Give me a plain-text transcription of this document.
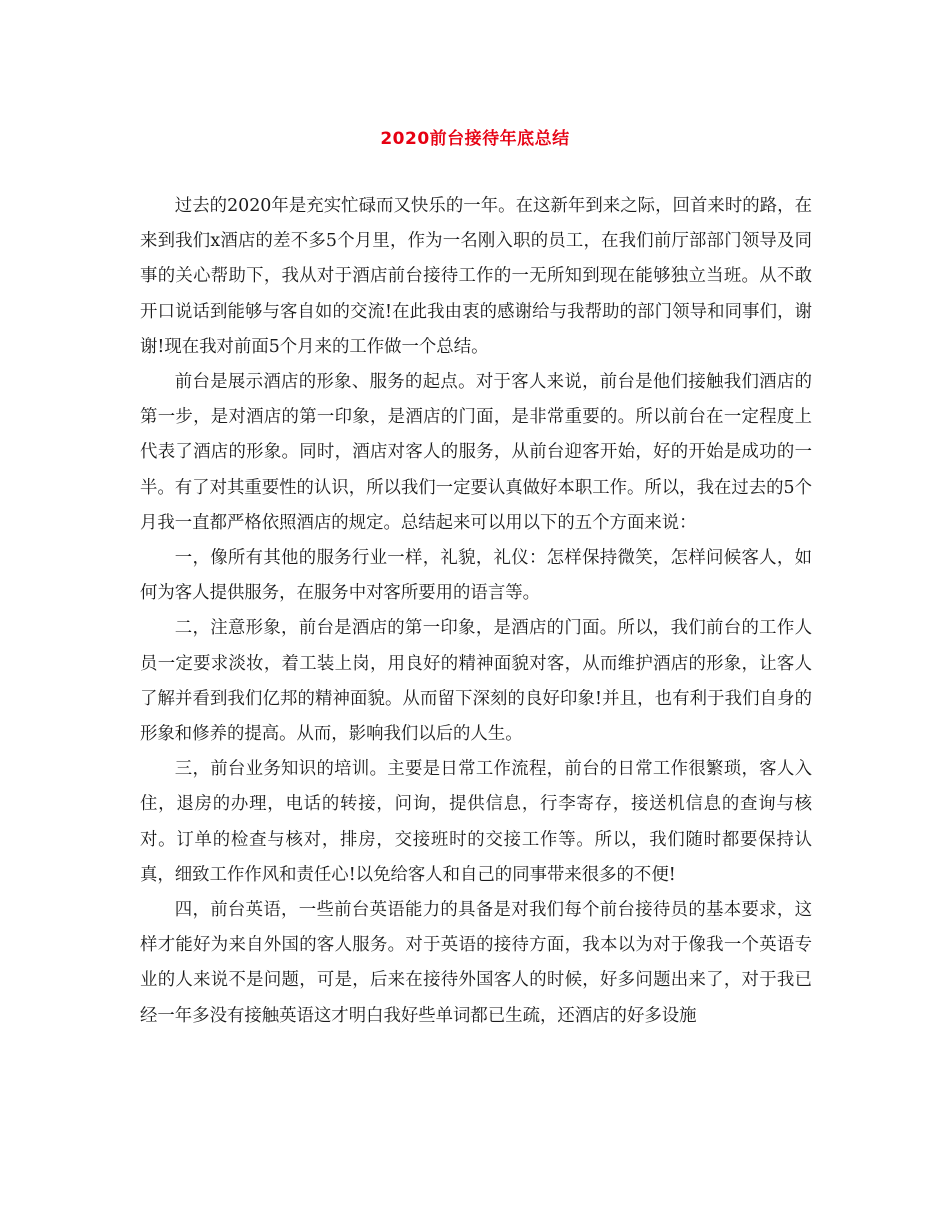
2020前台接待年底总结

过去的2020年是充实忙碌而又快乐的一年。在这新年到来之际，回首来时的路，在来到我们x酒店的差不多5个月里，作为一名刚入职的员工，在我们前厅部部门领导及同事的关心帮助下，我从对于酒店前台接待工作的一无所知到现在能够独立当班。从不敢开口说话到能够与客自如的交流!在此我由衷的感谢给与我帮助的部门领导和同事们，谢谢!现在我对前面5个月来的工作做一个总结。

前台是展示酒店的形象、服务的起点。对于客人来说，前台是他们接触我们酒店的第一步，是对酒店的第一印象，是酒店的门面，是非常重要的。所以前台在一定程度上代表了酒店的形象。同时，酒店对客人的服务，从前台迎客开始，好的开始是成功的一半。有了对其重要性的认识，所以我们一定要认真做好本职工作。所以，我在过去的5个月我一直都严格依照酒店的规定。总结起来可以用以下的五个方面来说：

一，像所有其他的服务行业一样，礼貌，礼仪：怎样保持微笑，怎样问候客人，如何为客人提供服务，在服务中对客所要用的语言等。

二，注意形象，前台是酒店的第一印象，是酒店的门面。所以，我们前台的工作人员一定要求淡妆，着工装上岗，用良好的精神面貌对客，从而维护酒店的形象，让客人了解并看到我们亿邦的精神面貌。从而留下深刻的良好印象!并且，也有利于我们自身的形象和修养的提高。从而，影响我们以后的人生。

三，前台业务知识的培训。主要是日常工作流程，前台的日常工作很繁琐，客人入住，退房的办理，电话的转接，问询，提供信息，行李寄存，接送机信息的查询与核对。订单的检查与核对，排房，交接班时的交接工作等。所以，我们随时都要保持认真，细致工作作风和责任心!以免给客人和自己的同事带来很多的不便!

四，前台英语，一些前台英语能力的具备是对我们每个前台接待员的基本要求，这样才能好为来自外国的客人服务。对于英语的接待方面，我本以为对于像我一个英语专业的人来说不是问题，可是，后来在接待外国客人的时候，好多问题出来了，对于我已经一年多没有接触英语这才明白我好些单词都已生疏，还酒店的好多设施
